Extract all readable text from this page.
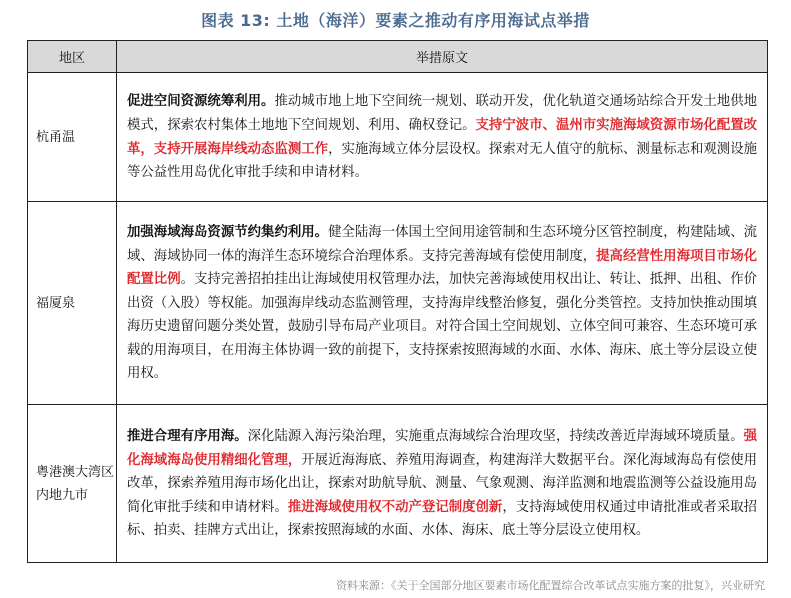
图表 13: 土地（海洋）要素之推动有序用海试点举措
地区	举措原文
杭甬温	促进空间资源统筹利用。推动城市地上地下空间统一规划、联动开发，优化轨道交通场站综合开发土地供地模式，探索农村集体土地地下空间规划、利用、确权登记。支持宁波市、温州市实施海域资源市场化配置改革，支持开展海岸线动态监测工作，实施海域立体分层设权。探索对无人值守的航标、测量标志和观测设施等公益性用岛优化审批手续和申请材料。
福厦泉	加强海域海岛资源节约集约利用。健全陆海一体国土空间用途管制和生态环境分区管控制度，构建陆域、流域、海域协同一体的海洋生态环境综合治理体系。支持完善海域有偿使用制度，提高经营性用海项目市场化配置比例。支持完善招拍挂出让海域使用权管理办法，加快完善海域使用权出让、转让、抵押、出租、作价出资（入股）等权能。加强海岸线动态监测管理，支持海岸线整治修复，强化分类管控。支持加快推动围填海历史遗留问题分类处置，鼓励引导布局产业项目。对符合国土空间规划、立体空间可兼容、生态环境可承载的用海项目，在用海主体协调一致的前提下，支持探索按照海域的水面、水体、海床、底土等分层设立使用权。
粤港澳大湾区内地九市	推进合理有序用海。深化陆源入海污染治理，实施重点海域综合治理攻坚，持续改善近岸海域环境质量。强化海域海岛使用精细化管理，开展近海海底、养殖用海调查，构建海洋大数据平台。深化海域海岛有偿使用改革，探索养殖用海市场化出让，探索对助航导航、测量、气象观测、海洋监测和地震监测等公益设施用岛简化审批手续和申请材料。推进海域使用权不动产登记制度创新，支持海域使用权通过申请批准或者采取招标、拍卖、挂牌方式出让，探索按照海域的水面、水体、海床、底土等分层设立使用权。
资料来源：《关于全国部分地区要素市场化配置综合改革试点实施方案的批复》，兴业研究
